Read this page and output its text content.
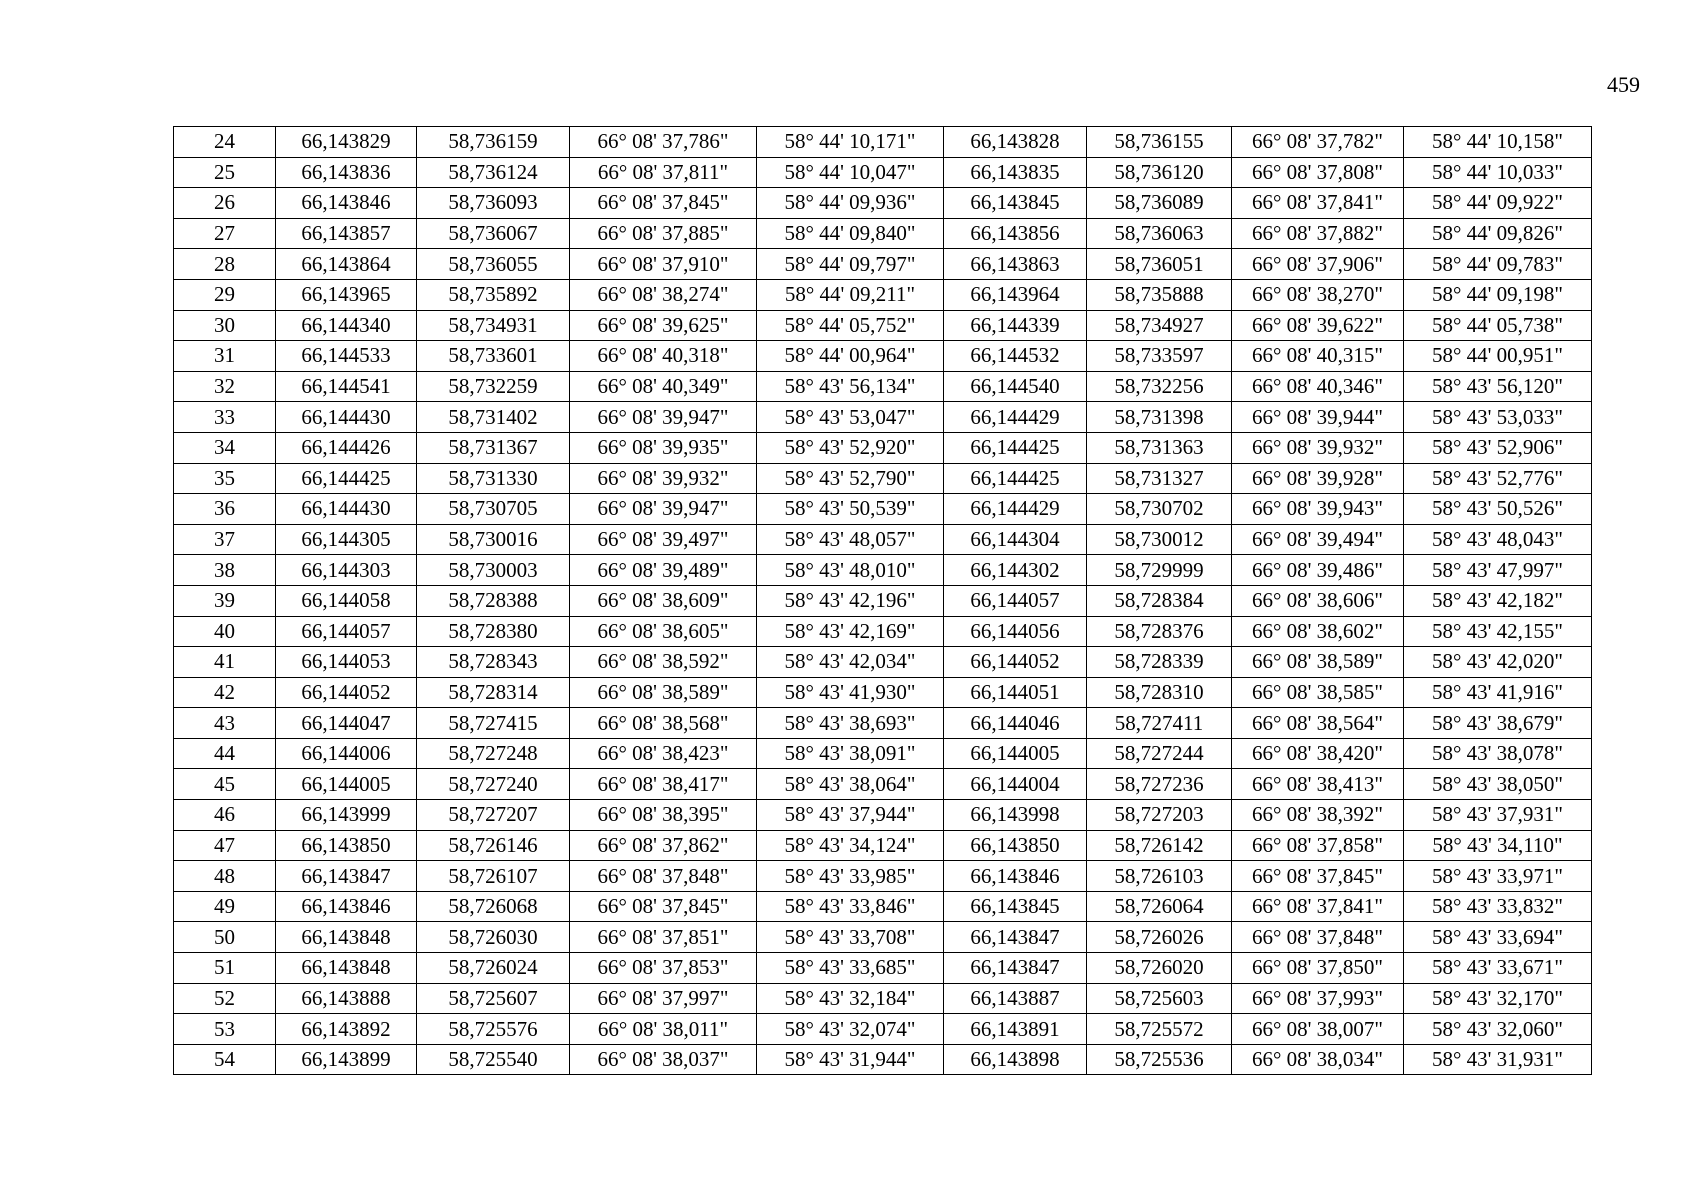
459
24	66,143829	58,736159	66° 08' 37,786"	58° 44' 10,171"	66,143828	58,736155	66° 08' 37,782"	58° 44' 10,158"
25	66,143836	58,736124	66° 08' 37,811"	58° 44' 10,047"	66,143835	58,736120	66° 08' 37,808"	58° 44' 10,033"
26	66,143846	58,736093	66° 08' 37,845"	58° 44' 09,936"	66,143845	58,736089	66° 08' 37,841"	58° 44' 09,922"
27	66,143857	58,736067	66° 08' 37,885"	58° 44' 09,840"	66,143856	58,736063	66° 08' 37,882"	58° 44' 09,826"
28	66,143864	58,736055	66° 08' 37,910"	58° 44' 09,797"	66,143863	58,736051	66° 08' 37,906"	58° 44' 09,783"
29	66,143965	58,735892	66° 08' 38,274"	58° 44' 09,211"	66,143964	58,735888	66° 08' 38,270"	58° 44' 09,198"
30	66,144340	58,734931	66° 08' 39,625"	58° 44' 05,752"	66,144339	58,734927	66° 08' 39,622"	58° 44' 05,738"
31	66,144533	58,733601	66° 08' 40,318"	58° 44' 00,964"	66,144532	58,733597	66° 08' 40,315"	58° 44' 00,951"
32	66,144541	58,732259	66° 08' 40,349"	58° 43' 56,134"	66,144540	58,732256	66° 08' 40,346"	58° 43' 56,120"
33	66,144430	58,731402	66° 08' 39,947"	58° 43' 53,047"	66,144429	58,731398	66° 08' 39,944"	58° 43' 53,033"
34	66,144426	58,731367	66° 08' 39,935"	58° 43' 52,920"	66,144425	58,731363	66° 08' 39,932"	58° 43' 52,906"
35	66,144425	58,731330	66° 08' 39,932"	58° 43' 52,790"	66,144425	58,731327	66° 08' 39,928"	58° 43' 52,776"
36	66,144430	58,730705	66° 08' 39,947"	58° 43' 50,539"	66,144429	58,730702	66° 08' 39,943"	58° 43' 50,526"
37	66,144305	58,730016	66° 08' 39,497"	58° 43' 48,057"	66,144304	58,730012	66° 08' 39,494"	58° 43' 48,043"
38	66,144303	58,730003	66° 08' 39,489"	58° 43' 48,010"	66,144302	58,729999	66° 08' 39,486"	58° 43' 47,997"
39	66,144058	58,728388	66° 08' 38,609"	58° 43' 42,196"	66,144057	58,728384	66° 08' 38,606"	58° 43' 42,182"
40	66,144057	58,728380	66° 08' 38,605"	58° 43' 42,169"	66,144056	58,728376	66° 08' 38,602"	58° 43' 42,155"
41	66,144053	58,728343	66° 08' 38,592"	58° 43' 42,034"	66,144052	58,728339	66° 08' 38,589"	58° 43' 42,020"
42	66,144052	58,728314	66° 08' 38,589"	58° 43' 41,930"	66,144051	58,728310	66° 08' 38,585"	58° 43' 41,916"
43	66,144047	58,727415	66° 08' 38,568"	58° 43' 38,693"	66,144046	58,727411	66° 08' 38,564"	58° 43' 38,679"
44	66,144006	58,727248	66° 08' 38,423"	58° 43' 38,091"	66,144005	58,727244	66° 08' 38,420"	58° 43' 38,078"
45	66,144005	58,727240	66° 08' 38,417"	58° 43' 38,064"	66,144004	58,727236	66° 08' 38,413"	58° 43' 38,050"
46	66,143999	58,727207	66° 08' 38,395"	58° 43' 37,944"	66,143998	58,727203	66° 08' 38,392"	58° 43' 37,931"
47	66,143850	58,726146	66° 08' 37,862"	58° 43' 34,124"	66,143850	58,726142	66° 08' 37,858"	58° 43' 34,110"
48	66,143847	58,726107	66° 08' 37,848"	58° 43' 33,985"	66,143846	58,726103	66° 08' 37,845"	58° 43' 33,971"
49	66,143846	58,726068	66° 08' 37,845"	58° 43' 33,846"	66,143845	58,726064	66° 08' 37,841"	58° 43' 33,832"
50	66,143848	58,726030	66° 08' 37,851"	58° 43' 33,708"	66,143847	58,726026	66° 08' 37,848"	58° 43' 33,694"
51	66,143848	58,726024	66° 08' 37,853"	58° 43' 33,685"	66,143847	58,726020	66° 08' 37,850"	58° 43' 33,671"
52	66,143888	58,725607	66° 08' 37,997"	58° 43' 32,184"	66,143887	58,725603	66° 08' 37,993"	58° 43' 32,170"
53	66,143892	58,725576	66° 08' 38,011"	58° 43' 32,074"	66,143891	58,725572	66° 08' 38,007"	58° 43' 32,060"
54	66,143899	58,725540	66° 08' 38,037"	58° 43' 31,944"	66,143898	58,725536	66° 08' 38,034"	58° 43' 31,931"
